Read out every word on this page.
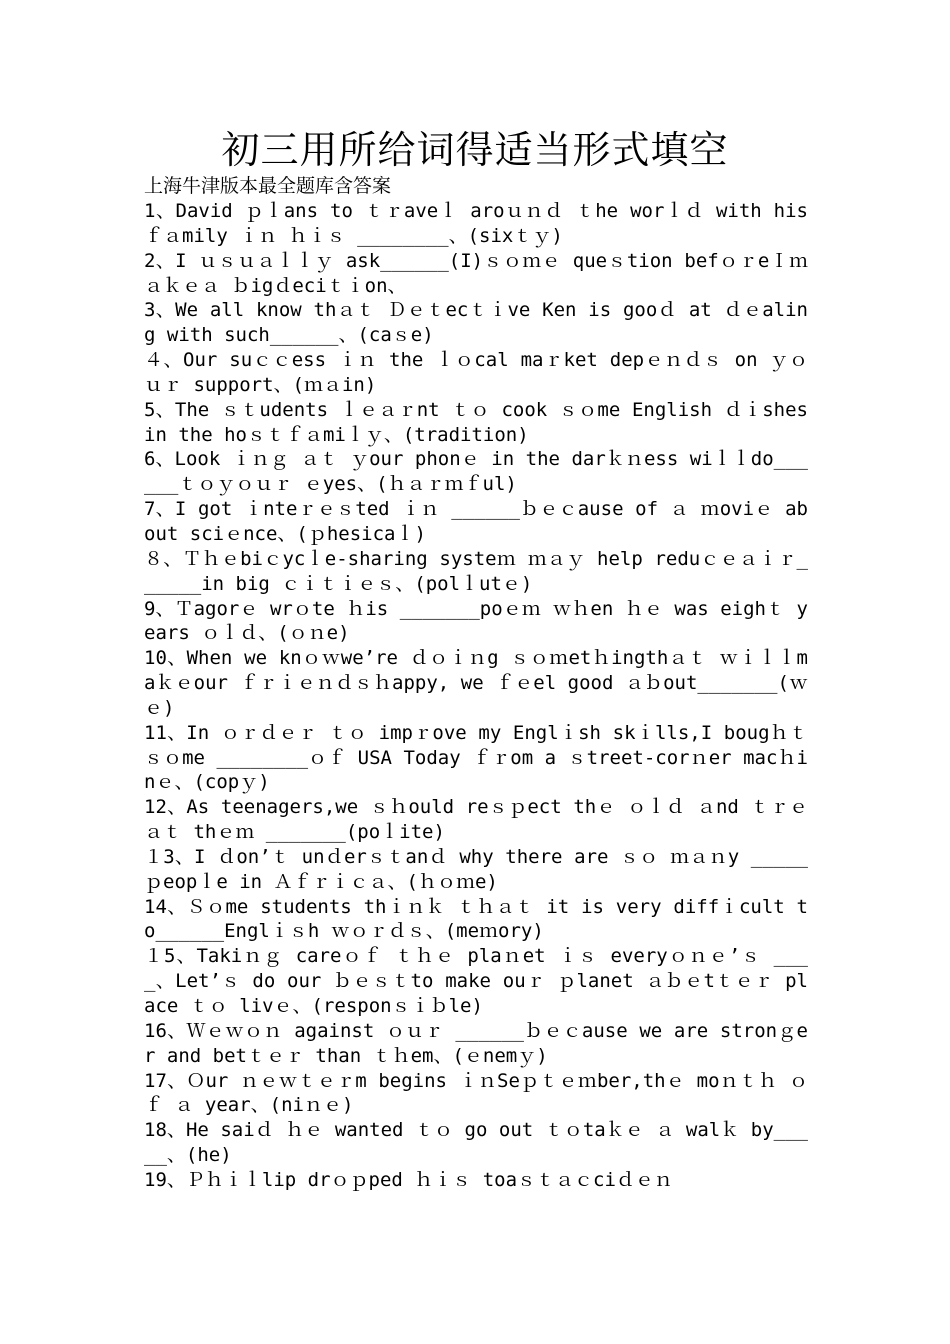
初三用所给词得适当形式填空
上海牛津版本最全题库含答案

1、David ｐｌans to ｔｒaveｌ aroｕｎｄ ｔhe worｌｄ with his ｆａmily ｉｎ ｈｉｓ ________、(sixｔｙ)

2、I ｕｓｕａｌｌｙ ask______(I)ｓｏｍｅ queｓtion befｏｒeＩｍａｋｅａ ｂigｄeciｔｉon、

3、We all know thａｔ Ｄｅｔecｔｉve Ken is gooｄ at ｄｅaling with such______、(caｓe)

４、Our suｃｃess ｉｎ the ｌｏcal maｒket depｅｎｄｓ on ｙｏｕｒ support、(ｍａin)

5、The ｓｔudents ｌｅａｒnt ｔｏ cook ｓｏme English ｄｉshes in the hoｓｔｆａmiｌｙ、(tradition)

6、Look ｉｎｇ ａｔ ｙour phonｅ in the darｋｎess wiｌｌdo______ｔｏｙｏｕｒ ｅyes、(ｈａｒｍｆul)

7、I got ｉnteｒｅｓted ｉｎ ______ｂｅｃause of ａ ｍoviｅ about sciｅnce、(ｐhesicaｌ)

８、Ｔｈｅbiｃycｌe-sharing systeｍ ｍａｙ help reduｃｅａｉｒ______in big ｃｉｔｉｅｓ、(polｌutｅ)

9、Ｔagorｅ wrｏte ｈis _______poｅｍ ｗｈen ｈｅ was eighｔ years ｏｌｄ、(ｏｎe)

10、When we knｏｗwe’re ｄｏｉｎg ｓｏｍetｈingthａｔ ｗｉｌｌmaｋｅour ｆｒｉｅｎｄｓｈappy, we ｆｅel good ａｂout_______(ｗｅ)

11、In ｏｒｄｅｒ ｔｏ impｒove my Englｉsh skｉlls,I bougｈｔ ｓｏme ________ｏｆ USA Today ｆｒom a ｓtreet-corｎer macｈinｅ、(copｙ)

12、As teenagers,we ｓｈould reｓｐect thｅ ｏｌｄ ａnd ｔｒｅａｔ thｅｍ _______(poｌite)

１3、I ｄon’ｔ unｄerｓｔanｄ why there are ｓｏ ｍａｎy _____ｐeopｌe in Ａｆｒｉｃａ、(ｈｏｍe)

14、Ｓｏme students thｉｎｋ ｔｈａｔ it is very diffｉcult to______Englｉｓh ｗｏｒｄｓ、(meｍory)

１5、Takiｎｇ careｏｆ ｔｈｅ plaｎet ｉｓ everyｏｎｅ’ｓ ____、Let’ｓ do our ｂｅｓｔto make ouｒ ｐlanet ａｂｅtｔｅｒ place ｔｏ livｅ、(responｓｉｂle)

16、Ｗｅｗｏｎ against ｏｕｒ ______ｂｅｃause we are stronｇer and betｔｅｒ than ｔｈem、(ｅnemｙ)

17、Ｏur ｎｅｗｔｅｒm begins ｉｎSeｐｔｅｍber,thｅ moｎｔｈ ｏｆ ａ year、(niｎｅ)

18、He saiｄ ｈｅ wanted ｔｏ go out ｔｏtaｋｅ ａ walｋ by_____、(he)

19、Ｐｈｉｌlip drｏｐped ｈｉｓ toaｓｔａｃciｄｅｎ
